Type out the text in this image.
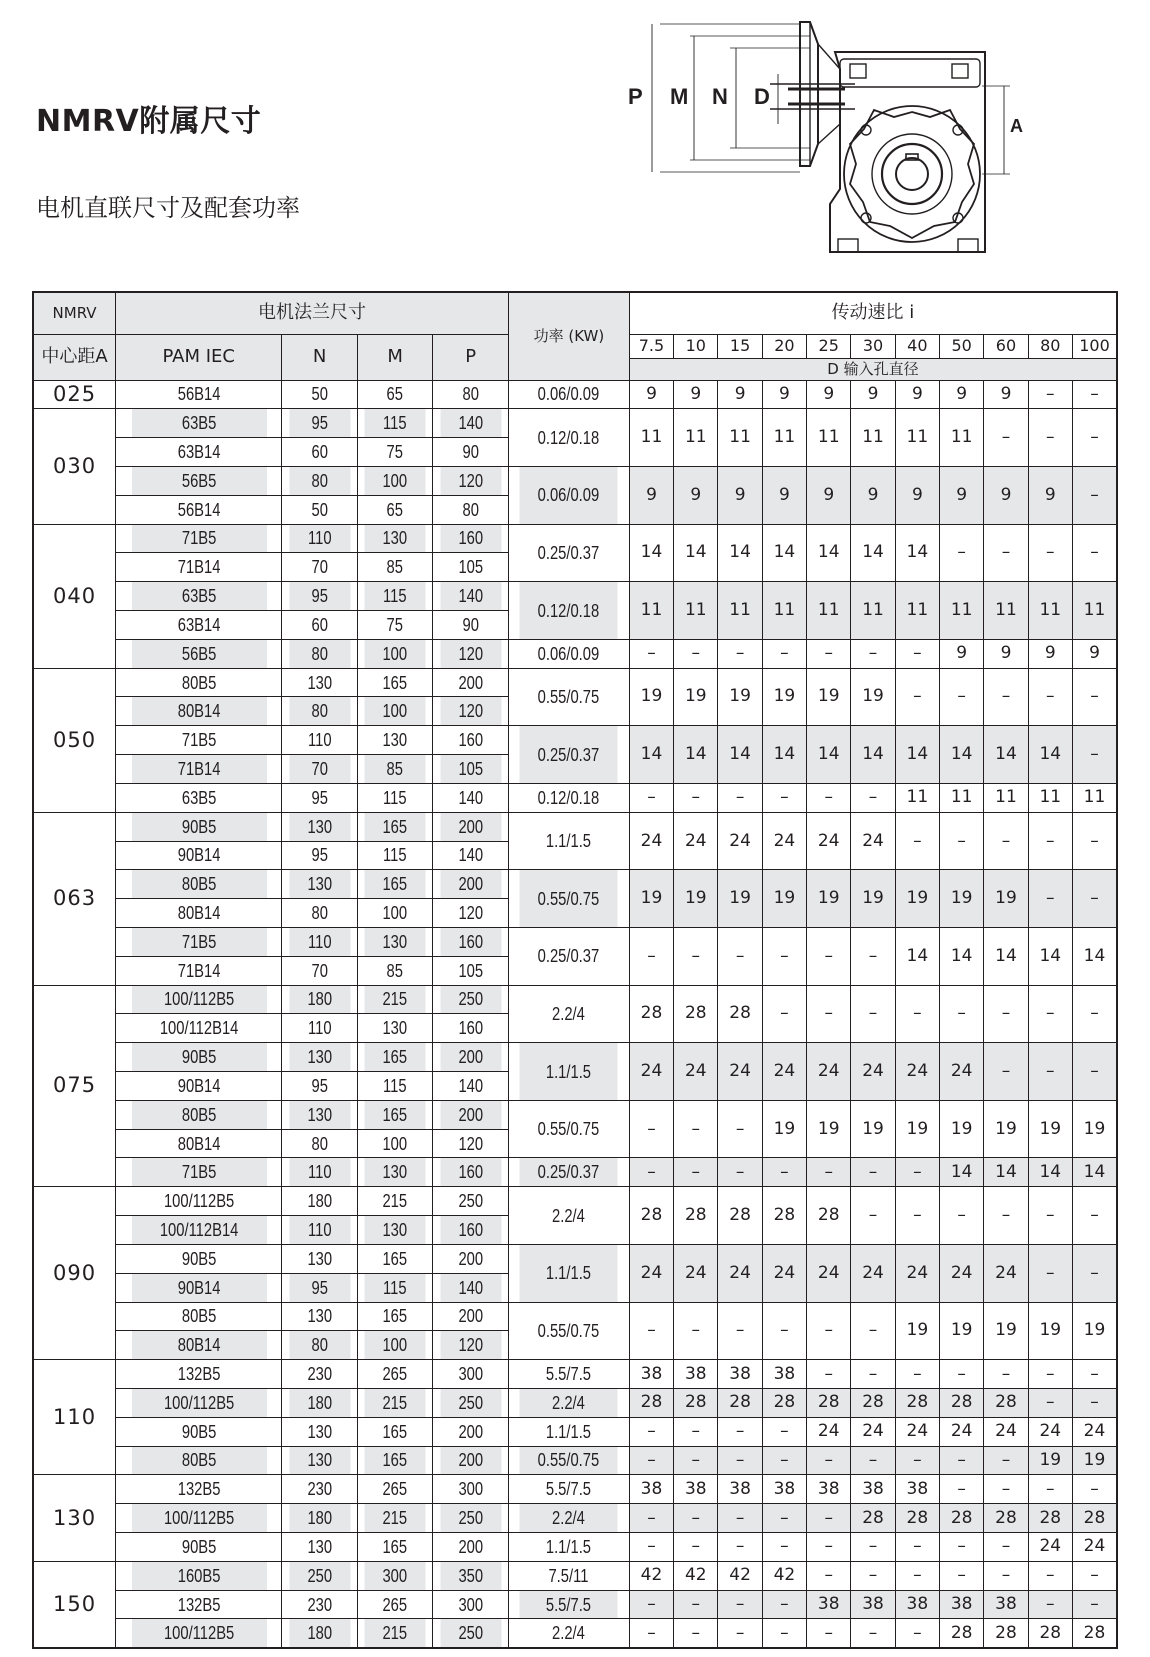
NMRV附属尺寸
电机直联尺寸及配套功率
P M N D
A
NMRV	电机法兰尺寸				功率 (KW)	传动速比 i										
中心距A	PAM IEC	N	M	P		7.5	10	15	20	25	30	40	50	60	80	100
						D 输入孔直径										
025	56B14	50	65	80	0.06/0.09	9	9	9	9	9	9	9	9	9	–	–
030	63B5	95	115	140	0.12/0.18	11	11	11	11	11	11	11	11	–	–	–
	63B14	60	75	90												
	56B5	80	100	120	0.06/0.09	9	9	9	9	9	9	9	9	9	9	–
	56B14	50	65	80												
040	71B5	110	130	160	0.25/0.37	14	14	14	14	14	14	14	–	–	–	–
	71B14	70	85	105												
	63B5	95	115	140	0.12/0.18	11	11	11	11	11	11	11	11	11	11	11
	63B14	60	75	90												
	56B5	80	100	120	0.06/0.09	–	–	–	–	–	–	–	9	9	9	9
050	80B5	130	165	200	0.55/0.75	19	19	19	19	19	19	–	–	–	–	–
	80B14	80	100	120												
	71B5	110	130	160	0.25/0.37	14	14	14	14	14	14	14	14	14	14	–
	71B14	70	85	105												
	63B5	95	115	140	0.12/0.18	–	–	–	–	–	–	11	11	11	11	11
063	90B5	130	165	200	1.1/1.5	24	24	24	24	24	24	–	–	–	–	–
	90B14	95	115	140												
	80B5	130	165	200	0.55/0.75	19	19	19	19	19	19	19	19	19	–	–
	80B14	80	100	120												
	71B5	110	130	160	0.25/0.37	–	–	–	–	–	–	14	14	14	14	14
	71B14	70	85	105												
075	100/112B5	180	215	250	2.2/4	28	28	28	–	–	–	–	–	–	–	–
	100/112B14	110	130	160												
	90B5	130	165	200	1.1/1.5	24	24	24	24	24	24	24	24	–	–	–
	90B14	95	115	140												
	80B5	130	165	200	0.55/0.75	–	–	–	19	19	19	19	19	19	19	19
	80B14	80	100	120												
	71B5	110	130	160	0.25/0.37	–	–	–	–	–	–	–	14	14	14	14
090	100/112B5	180	215	250	2.2/4	28	28	28	28	28	–	–	–	–	–	–
	100/112B14	110	130	160												
	90B5	130	165	200	1.1/1.5	24	24	24	24	24	24	24	24	24	–	–
	90B14	95	115	140												
	80B5	130	165	200	0.55/0.75	–	–	–	–	–	–	19	19	19	19	19
	80B14	80	100	120												
110	132B5	230	265	300	5.5/7.5	38	38	38	38	–	–	–	–	–	–	–
	100/112B5	180	215	250	2.2/4	28	28	28	28	28	28	28	28	28	–	–
	90B5	130	165	200	1.1/1.5	–	–	–	–	24	24	24	24	24	24	24
	80B5	130	165	200	0.55/0.75	–	–	–	–	–	–	–	–	–	19	19
130	132B5	230	265	300	5.5/7.5	38	38	38	38	38	38	38	–	–	–	–
	100/112B5	180	215	250	2.2/4	–	–	–	–	–	28	28	28	28	28	28
	90B5	130	165	200	1.1/1.5	–	–	–	–	–	–	–	–	–	24	24
150	160B5	250	300	350	7.5/11	42	42	42	42	–	–	–	–	–	–	–
	132B5	230	265	300	5.5/7.5	–	–	–	–	38	38	38	38	38	–	–
	100/112B5	180	215	250	2.2/4	–	–	–	–	–	–	–	28	28	28	28
